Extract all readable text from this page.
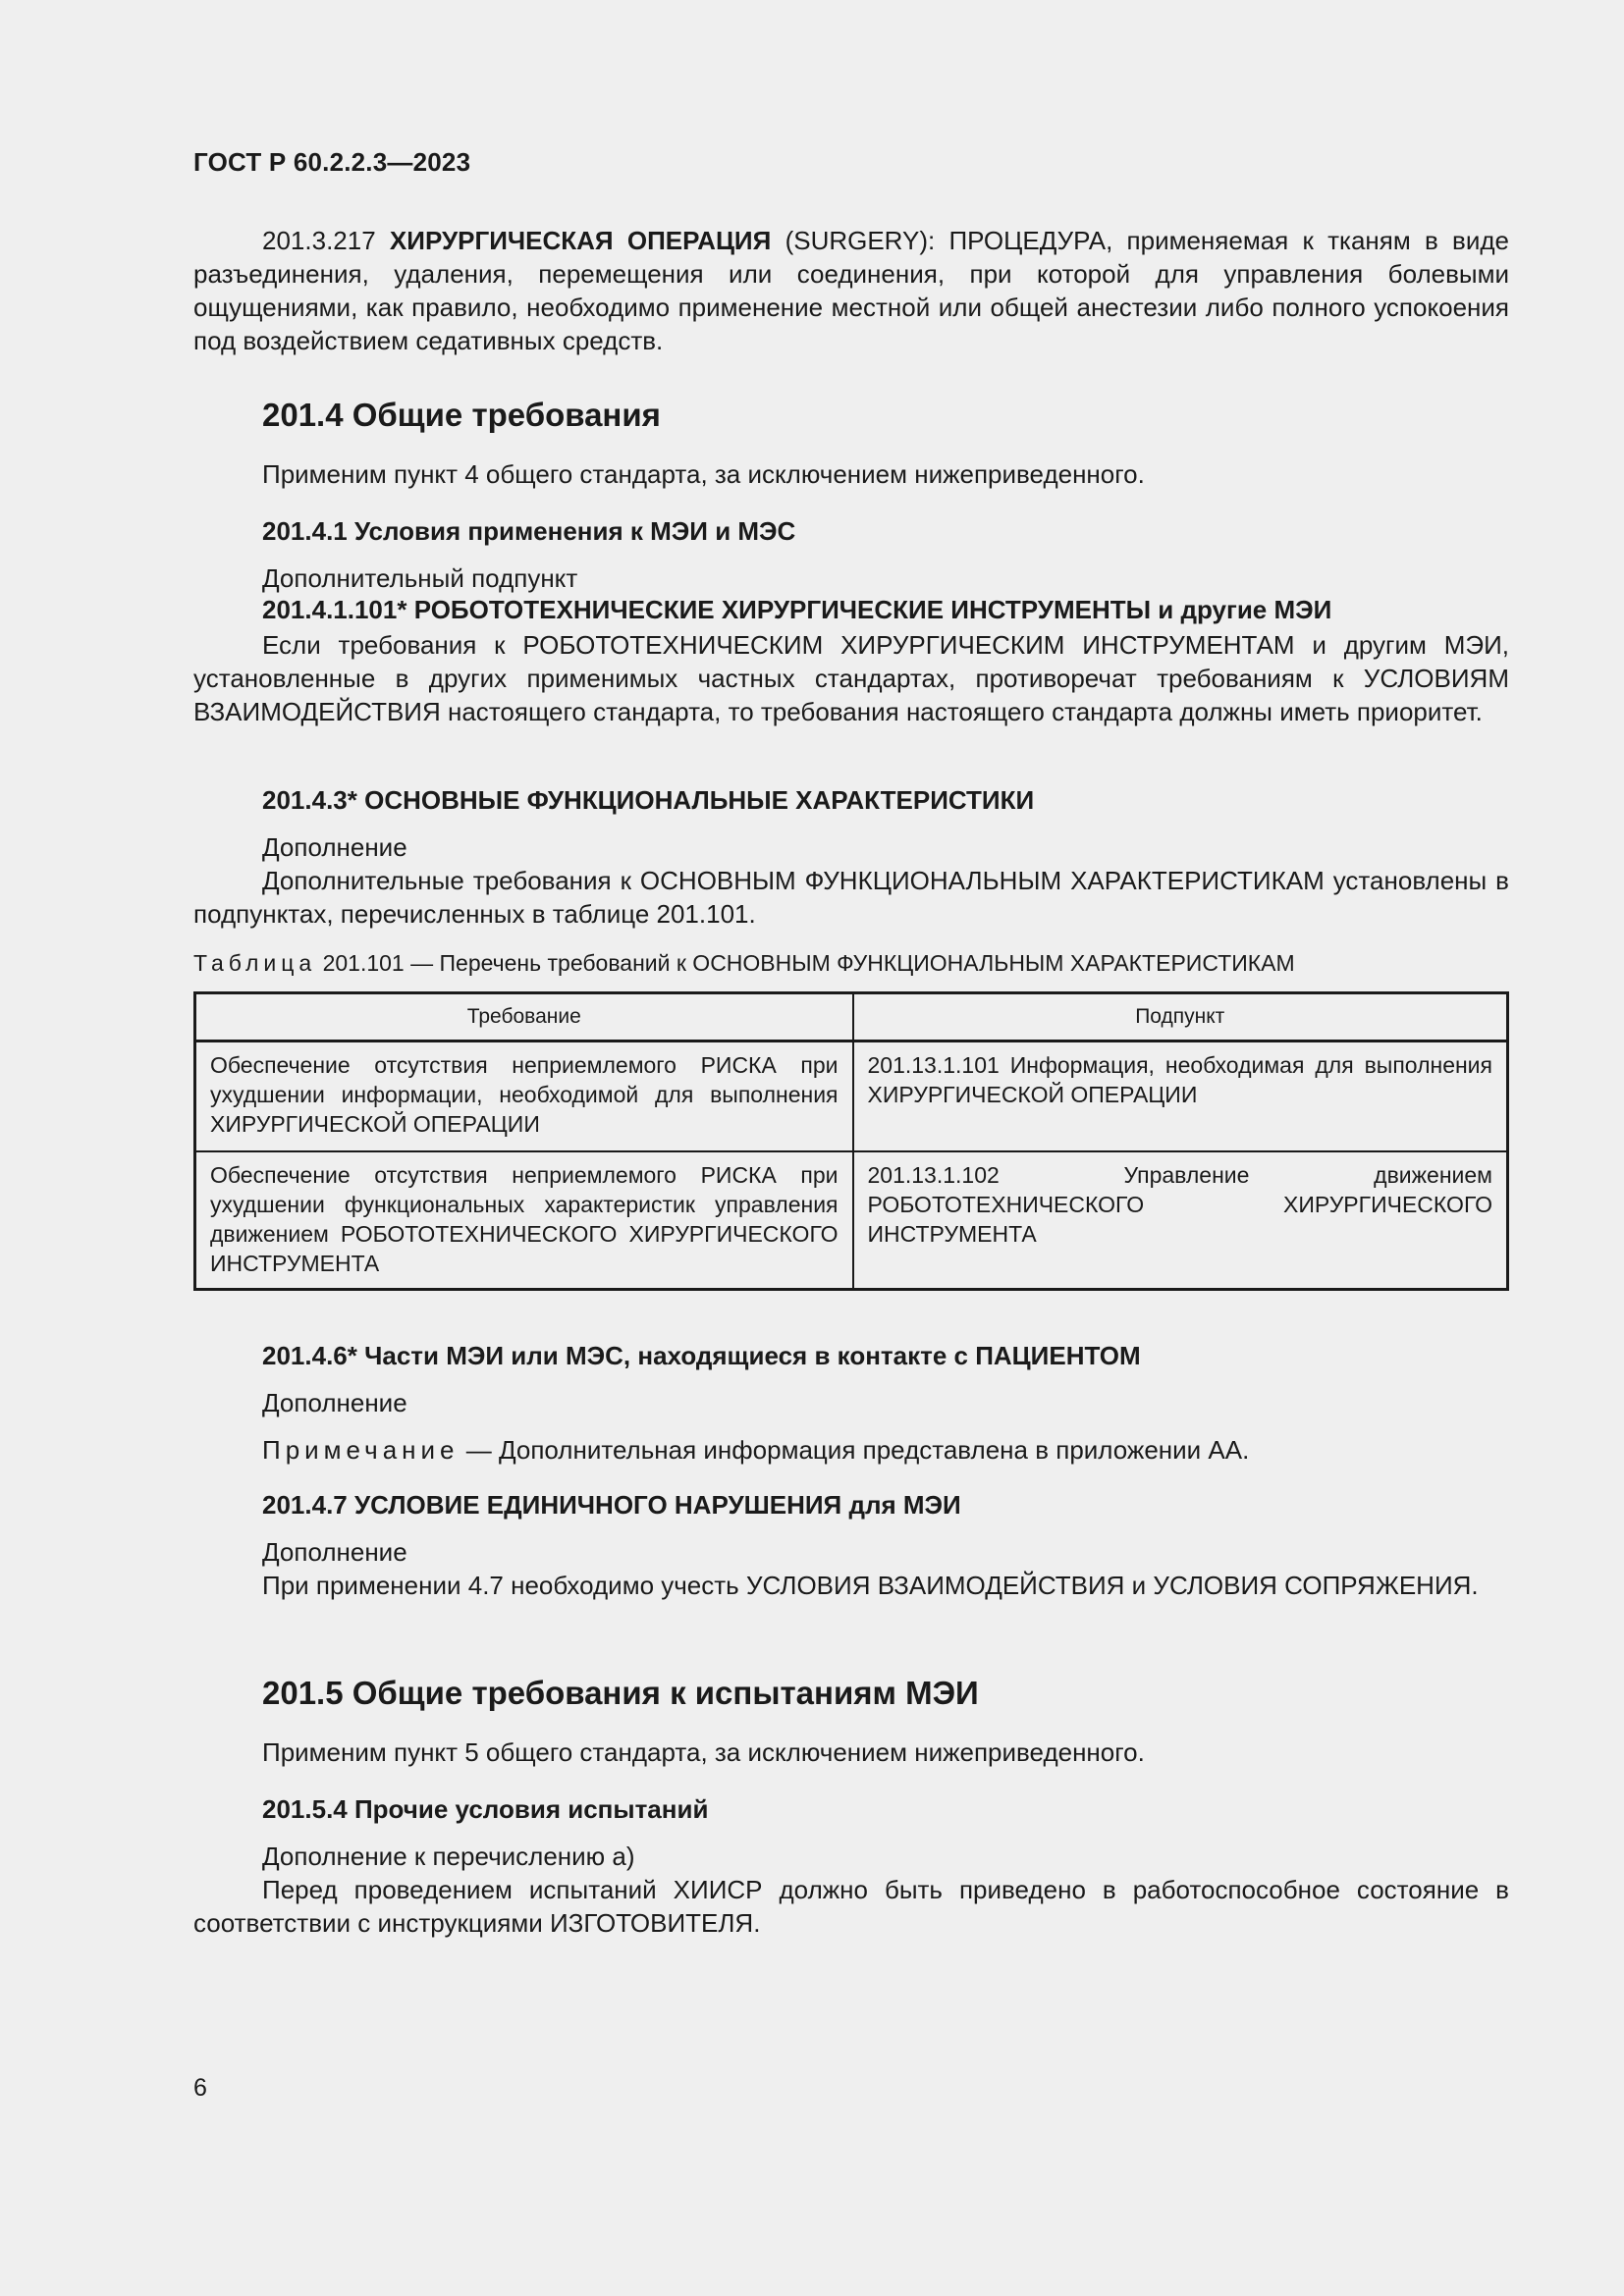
ГОСТ Р 60.2.2.3—2023
201.3.217 ХИРУРГИЧЕСКАЯ ОПЕРАЦИЯ (SURGERY): ПРОЦЕДУРА, применяемая к тканям в виде разъединения, удаления, перемещения или соединения, при которой для управления болевыми ощущениями, как правило, необходимо применение местной или общей анестезии либо полного успокоения под воздействием седативных средств.
201.4 Общие требования
Применим пункт 4 общего стандарта, за исключением нижеприведенного.
201.4.1 Условия применения к МЭИ и МЭС
Дополнительный подпункт
201.4.1.101* РОБОТОТЕХНИЧЕСКИЕ ХИРУРГИЧЕСКИЕ ИНСТРУМЕНТЫ и другие МЭИ
Если требования к РОБОТОТЕХНИЧЕСКИМ ХИРУРГИЧЕСКИМ ИНСТРУМЕНТАМ и другим МЭИ, установленные в других применимых частных стандартах, противоречат требованиям к УСЛОВИЯМ ВЗАИМОДЕЙСТВИЯ настоящего стандарта, то требования настоящего стандарта должны иметь приоритет.
201.4.3* ОСНОВНЫЕ ФУНКЦИОНАЛЬНЫЕ ХАРАКТЕРИСТИКИ
Дополнение
Дополнительные требования к ОСНОВНЫМ ФУНКЦИОНАЛЬНЫМ ХАРАКТЕРИСТИКАМ установлены в подпунктах, перечисленных в таблице 201.101.
Таблица 201.101 — Перечень требований к ОСНОВНЫМ ФУНКЦИОНАЛЬНЫМ ХАРАКТЕРИСТИКАМ
Требование	Подпункт
Обеспечение отсутствия неприемлемого РИСКА при ухудшении информации, необходимой для выполнения ХИРУРГИЧЕСКОЙ ОПЕРАЦИИ	201.13.1.101 Информация, необходимая для выполнения ХИРУРГИЧЕСКОЙ ОПЕРАЦИИ
Обеспечение отсутствия неприемлемого РИСКА при ухудшении функциональных характеристик управления движением РОБОТОТЕХНИЧЕСКОГО ХИРУРГИЧЕСКОГО ИНСТРУМЕНТА	201.13.1.102 Управление движением РОБОТОТЕХНИЧЕСКОГО ХИРУРГИЧЕСКОГО ИНСТРУМЕНТА
201.4.6* Части МЭИ или МЭС, находящиеся в контакте с ПАЦИЕНТОМ
Дополнение
Примечание — Дополнительная информация представлена в приложении АА.
201.4.7 УСЛОВИЕ ЕДИНИЧНОГО НАРУШЕНИЯ для МЭИ
Дополнение
При применении 4.7 необходимо учесть УСЛОВИЯ ВЗАИМОДЕЙСТВИЯ и УСЛОВИЯ СОПРЯЖЕНИЯ.
201.5 Общие требования к испытаниям МЭИ
Применим пункт 5 общего стандарта, за исключением нижеприведенного.
201.5.4 Прочие условия испытаний
Дополнение к перечислению а)
Перед проведением испытаний ХИИСР должно быть приведено в работоспособное состояние в соответствии с инструкциями ИЗГОТОВИТЕЛЯ.
6
